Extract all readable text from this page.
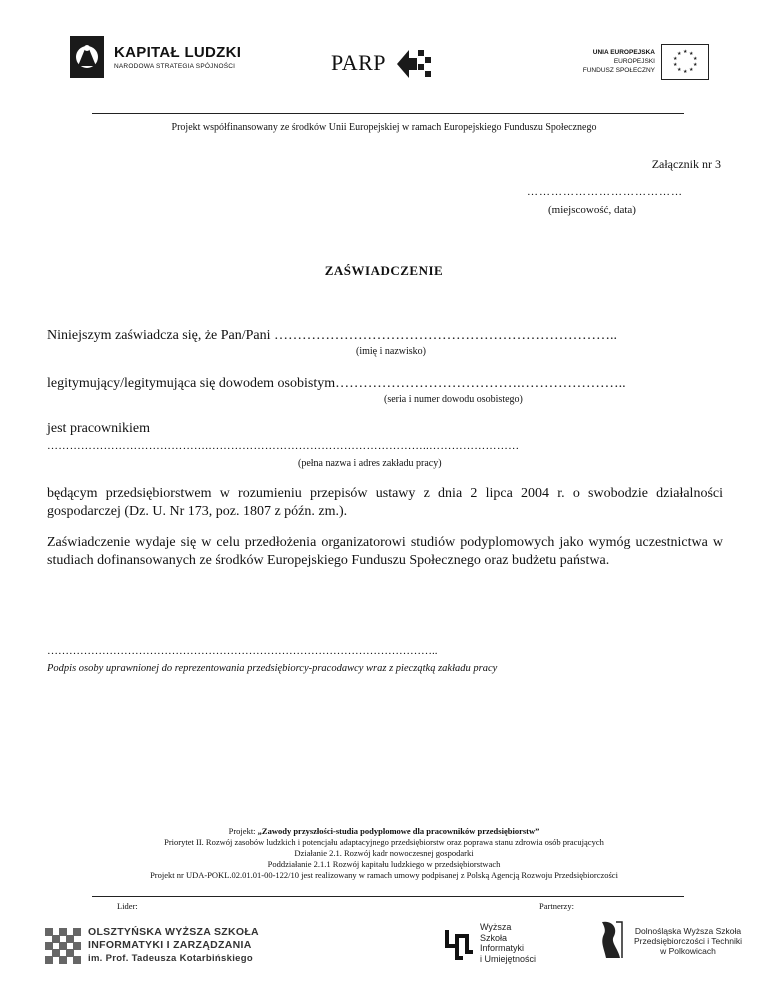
KAPITAŁ LUDZKI
NARODOWA STRATEGIA SPÓJNOŚCI	PARP	UNIA EUROPEJSKA
EUROPEJSKI
FUNDUSZ SPOŁECZNY
★ ★
★
★
★
★
★
★
★
★
Projekt współfinansowany ze środków Unii Europejskiej w ramach Europejskiego Funduszu Społecznego
Załącznik nr 3
…………………………………
(miejscowość, data)
ZAŚWIADCZENIE
Niniejszym zaświadcza się, że Pan/Pani ………………………………………………………………..
(imię i nazwisko)
legitymujący/legitymująca się dowodem osobistym………………………………….…………………..
(seria i numer dowodu osobistego)
jest pracownikiem
…………………………………….…………………………………………………..……………………
(pełna nazwa i adres zakładu pracy)
będącym przedsiębiorstwem w rozumieniu przepisów ustawy z dnia 2 lipca 2004 r. o swobodzie działalności gospodarczej (Dz. U. Nr 173, poz. 1807 z późn. zm.).
Zaświadczenie wydaje się w celu przedłożenia organizatorowi studiów podyplomowych jako wymóg uczestnictwa w studiach dofinansowanych ze środków Europejskiego Funduszu Społecznego oraz budżetu państwa.
……………………………………………………………………………………………..
Podpis osoby uprawnionej do reprezentowania przedsiębiorcy-pracodawcy wraz z pieczątką zakładu pracy
Projekt: „Zawody przyszłości-studia podyplomowe dla pracowników przedsiębiorstw”
Priorytet II. Rozwój zasobów ludzkich i potencjału adaptacyjnego przedsiębiorstw oraz poprawa stanu zdrowia osób pracujących
Działanie 2.1. Rozwój kadr nowoczesnej gospodarki
Poddziałanie 2.1.1 Rozwój kapitału ludzkiego w przedsiębiorstwach
Projekt nr UDA-POKL.02.01.01-00-122/10 jest realizowany w ramach umowy podpisanej z Polską Agencją Rozwoju Przedsiębiorczości
Lider:	Partnerzy:
OLSZTYŃSKA WYŻSZA SZKOŁA
INFORMATYKI I ZARZĄDZANIA
im. Prof. Tadeusza Kotarbińskiego
Wyższa
Szkoła
Informatyki
i Umiejętności
Dolnośląska Wyższa Szkoła
Przedsiębiorczości i Techniki
w Polkowicach
